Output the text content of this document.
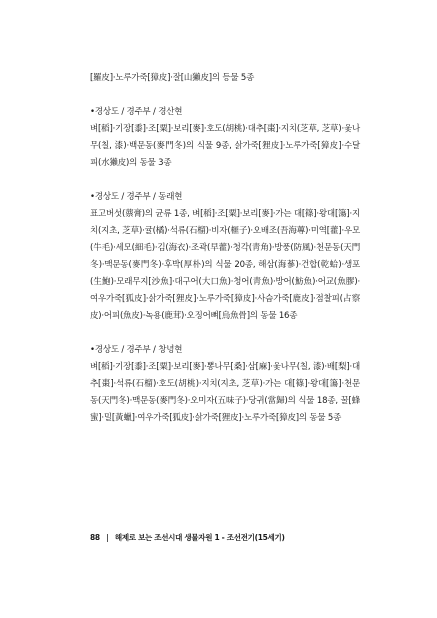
[羅皮]·노루가죽[獐皮]·잘[山獺皮]의 등물 5종

•경상도 / 경주부 / 경산현

벼[稻]·기장[黍]·조[粟]·보리[麥]·호도(胡桃)·대추[棗]·지치(芝草, 芝草)·옻나무(칠, 漆)·백문동(麥門冬)의 식물 9종, 삵가죽[狸皮]·노루가죽[獐皮]·수달피(水獺皮)의 동물 3종

•경상도 / 경주부 / 동래현

표고버섯(蔈膏)의 균류 1종, 벼[稻]·조[粟]·보리[麥]·가는 대[篠]·왕대[簜]·지치(지초, 芝草)·귤(橘)·석류(石榴)·비자(榧子)·오배조(吾海蓴)·미역[藿]·우모(牛毛)·세모(細毛)·김(海衣)·조곽(早藿)·청각(靑角)·방풍(防風)·천문동(天門冬)·맥문동(麥門冬)·후박(厚朴)의 식물 20종, 해삼(海蔘)·건합(乾蛤)·생포(生鮑)·모래무지[沙魚]·대구어(大口魚)·청어(靑魚)·방어(魴魚)·어교(魚膠)·여우가죽[狐皮]·삵가죽[狸皮]·노루가죽[獐皮]·사슴가죽[鹿皮]·점찰피(占察皮)·어피(魚皮)·녹용(鹿茸)·오징어뼈[烏魚骨]의 동물 16종

•경상도 / 경주부 / 창녕현

벼[稻]·기장[黍]·조[粟]·보리[麥]·뽕나무[桑]·삼[麻]·옻나무(칠, 漆)·배[梨]·대추[棗]·석류(石榴)·호도(胡桃)·지치(지초, 芝草)·가는 대[篠]·왕대[簜]·천문동(天門冬)·맥문동(麥門冬)·오미자(五味子)·당귀(當歸)의 식물 18종, 꿀[蜂蜜]·밀[黃蠟]·여우가죽[狐皮]·삵가죽[狸皮]·노루가죽[獐皮]의 동물 5종

88 | 해제로 보는 조선시대 생물자원 1 - 조선전기(15세기)
